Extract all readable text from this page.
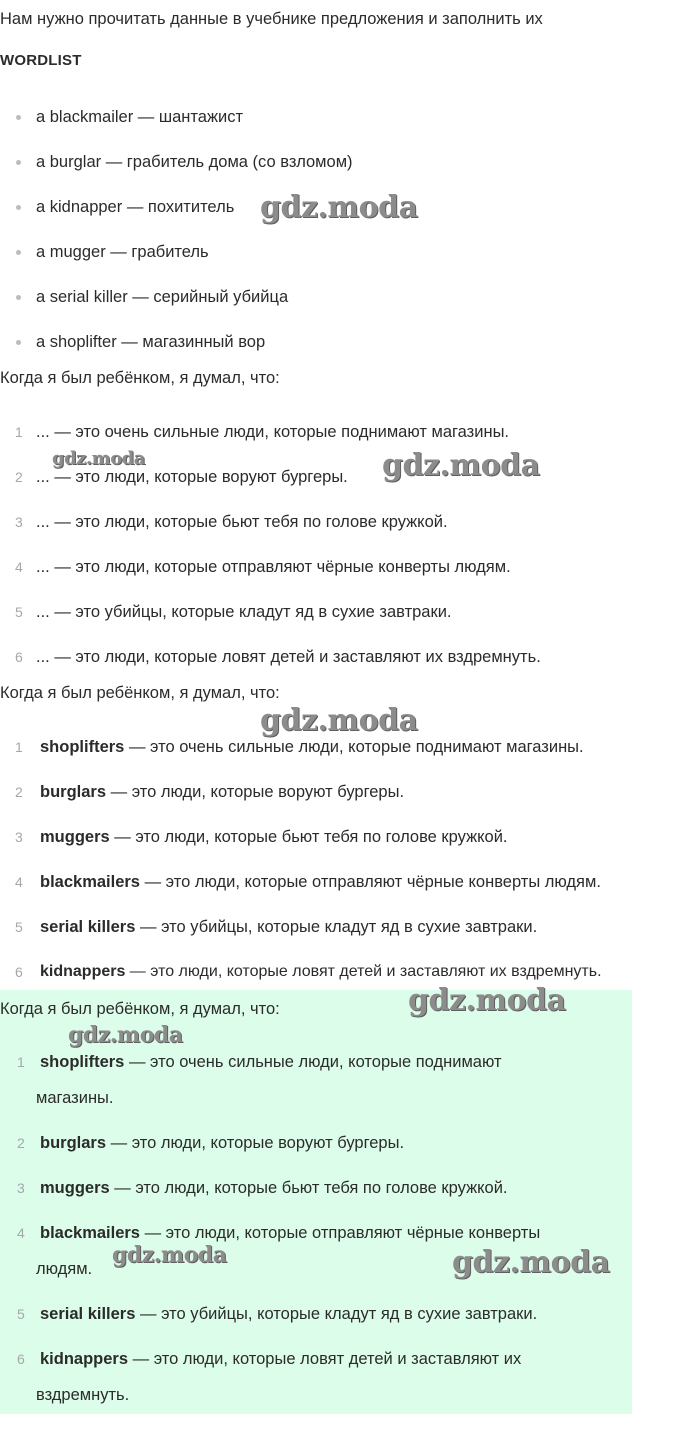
Нам нужно прочитать данные в учебнике предложения и заполнить их
WORDLIST
a blackmailer — шантажист
a burglar — грабитель дома (со взломом)
a kidnapper — похититель
a mugger — грабитель
a serial killer — серийный убийца
a shoplifter — магазинный вор
Когда я был ребёнком, я думал, что:
1 ... — это очень сильные люди, которые поднимают магазины.
2 ... — это люди, которые воруют бургеры.
3 ... — это люди, которые бьют тебя по голове кружкой.
4 ... — это люди, которые отправляют чёрные конверты людям.
5 ... — это убийцы, которые кладут яд в сухие завтраки.
6 ... — это люди, которые ловят детей и заставляют их вздремнуть.
Когда я был ребёнком, я думал, что:
1 shoplifters — это очень сильные люди, которые поднимают магазины.
2 burglars — это люди, которые воруют бургеры.
3 muggers — это люди, которые бьют тебя по голове кружкой.
4 blackmailers — это люди, которые отправляют чёрные конверты людям.
5 serial killers — это убийцы, которые кладут яд в сухие завтраки.
6 kidnappers — это люди, которые ловят детей и заставляют их вздремнуть.
Когда я был ребёнком, я думал, что:
1 shoplifters — это очень сильные люди, которые поднимают
магазины.
2 burglars — это люди, которые воруют бургеры.
3 muggers — это люди, которые бьют тебя по голове кружкой.
4 blackmailers — это люди, которые отправляют чёрные конверты
людям.
5 serial killers — это убийцы, которые кладут яд в сухие завтраки.
6 kidnappers — это люди, которые ловят детей и заставляют их
вздремнуть.
gdz.moda
gdz.moda	gdz.moda
gdz.moda
gdz.moda
gdz.moda
gdz.moda	gdz.moda
